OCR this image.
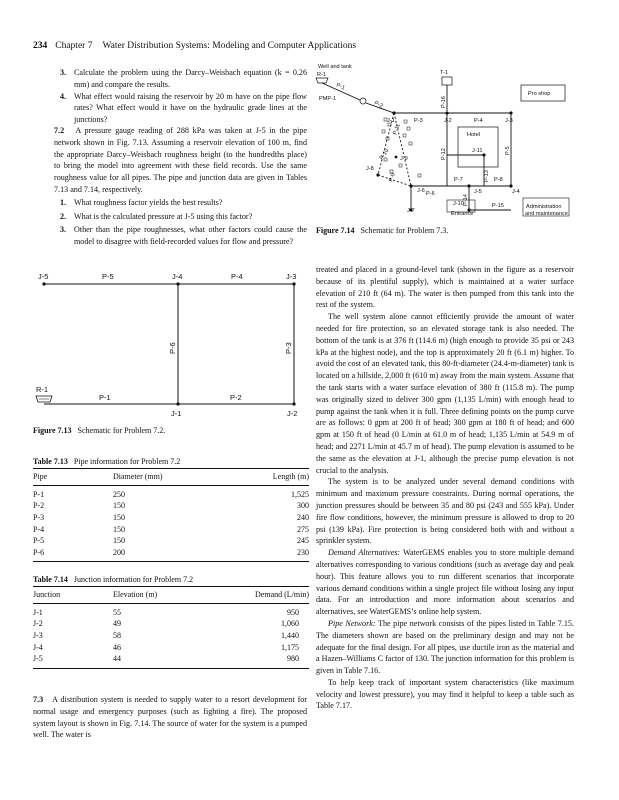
234 Chapter 7 Water Distribution Systems: Modeling and Computer Applications
3. Calculate the problem using the Darcy–Weisbach equation (k = 0.26 mm) and compare the results.
4. What effect would raising the reservoir by 20 m have on the pipe flow rates? What effect would it have on the hydraulic grade lines at the junctions?

7.2 A pressure gauge reading of 288 kPa was taken at J-5 in the pipe network shown in Fig. 7.13. Assuming a reservoir elevation of 100 m, find the appropriate Darcy–Weisbach roughness height (to the hundredths place) to bring the model into agreement with these field records. Use the same roughness value for all pipes. The pipe and junction data are given in Tables 7.13 and 7.14, respectively.

1. What roughness factor yields the best results?
2. What is the calculated pressure at J-5 using this factor?
3. Other than the pipe roughnesses, what other factors could cause the model to disagree with field-recorded values for flow and pressure?
J-5	P-5	J-4	P-4	J-3
P-6	P-3
R-1
P-1	P-2
J-1	J-2
Figure 7.13 Schematic for Problem 7.2.
Table 7.13 Pipe information for Problem 7.2
Pipe	Diameter (mm)	Length (m)
P-1	250	1,525
P-2	150	300
P-3	150	240
P-4	150	275
P-5	150	245
P-6	200	230
Table 7.14 Junction information for Problem 7.2
Junction	Elevation (m)	Demand (L/min)
J-1	55	950
J-2	49	1,060
J-3	58	1,440
J-4	46	1,175
J-5	44	980

7.3 A distribution system is needed to supply water to a resort development for normal usage and emergency purposes (such as fighting a fire). The proposed system layout is shown in Fig. 7.14. The source of water for the system is a pumped well. The water is

Well and tank
R-1
P-1
PMP-1
P-2
T-1
P-16
Pro shop
J-1	P-3	J-2	P-4	J-3
P-11
P-10 J-9
J-8
P-9
Hotel
P-12	J-11	P-5
P-13
P-7	P-8
P-6
J-6	J-5	J-4
P-14	P-15
J-10
J-7	Entrance
Administration
and maintenance
Figure 7.14 Schematic for Problem 7.3.

treated and placed in a ground-level tank (shown in the figure as a reservoir because of its plentiful supply), which is maintained at a water surface elevation of 210 ft (64 m). The water is then pumped from this tank into the rest of the system.

The well system alone cannot efficiently provide the amount of water needed for fire protection, so an elevated storage tank is also needed. The bottom of the tank is at 376 ft (114.6 m) (high enough to provide 35 psi or 243 kPa at the highest node), and the top is approximately 20 ft (6.1 m) higher. To avoid the cost of an elevated tank, this 80-ft-diameter (24.4-m-diameter) tank is located on a hillside, 2,000 ft (610 m) away from the main system. Assume that the tank starts with a water surface elevation of 380 ft (115.8 m). The pump was originally sized to deliver 300 gpm (1,135 L/min) with enough head to pump against the tank when it is full. Three defining points on the pump curve are as follows: 0 gpm at 200 ft of head; 300 gpm at 180 ft of head; and 600 gpm at 150 ft of head (0 L/min at 61.0 m of head; 1,135 L/min at 54.9 m of head; and 2271 L/min at 45.7 m of head). The pump elevation is assumed to be the same as the elevation at J-1, although the precise pump elevation is not crucial to the analysis.

The system is to be analyzed under several demand conditions with minimum and maximum pressure constraints. During normal operations, the junction pressures should be between 35 and 80 psi (243 and 555 kPa). Under fire flow conditions, however, the minimum pressure is allowed to drop to 20 psi (139 kPa). Fire protection is being considered both with and without a sprinkler system.

Demand Alternatives: WaterGEMS enables you to store multiple demand alternatives corresponding to various conditions (such as average day and peak hour). This feature allows you to run different scenarios that incorporate various demand conditions within a single project file without losing any input data. For an introduction and more information about scenarios and alternatives, see WaterGEMS’s online help system.

Pipe Network: The pipe network consists of the pipes listed in Table 7.15. The diameters shown are based on the preliminary design and may not be adequate for the final design. For all pipes, use ductile iron as the material and a Hazen–Williams C factor of 130. The junction information for this problem is given in Table 7.16.

To help keep track of important system characteristics (like maximum velocity and lowest pressure), you may find it helpful to keep a table such as Table 7.17.
